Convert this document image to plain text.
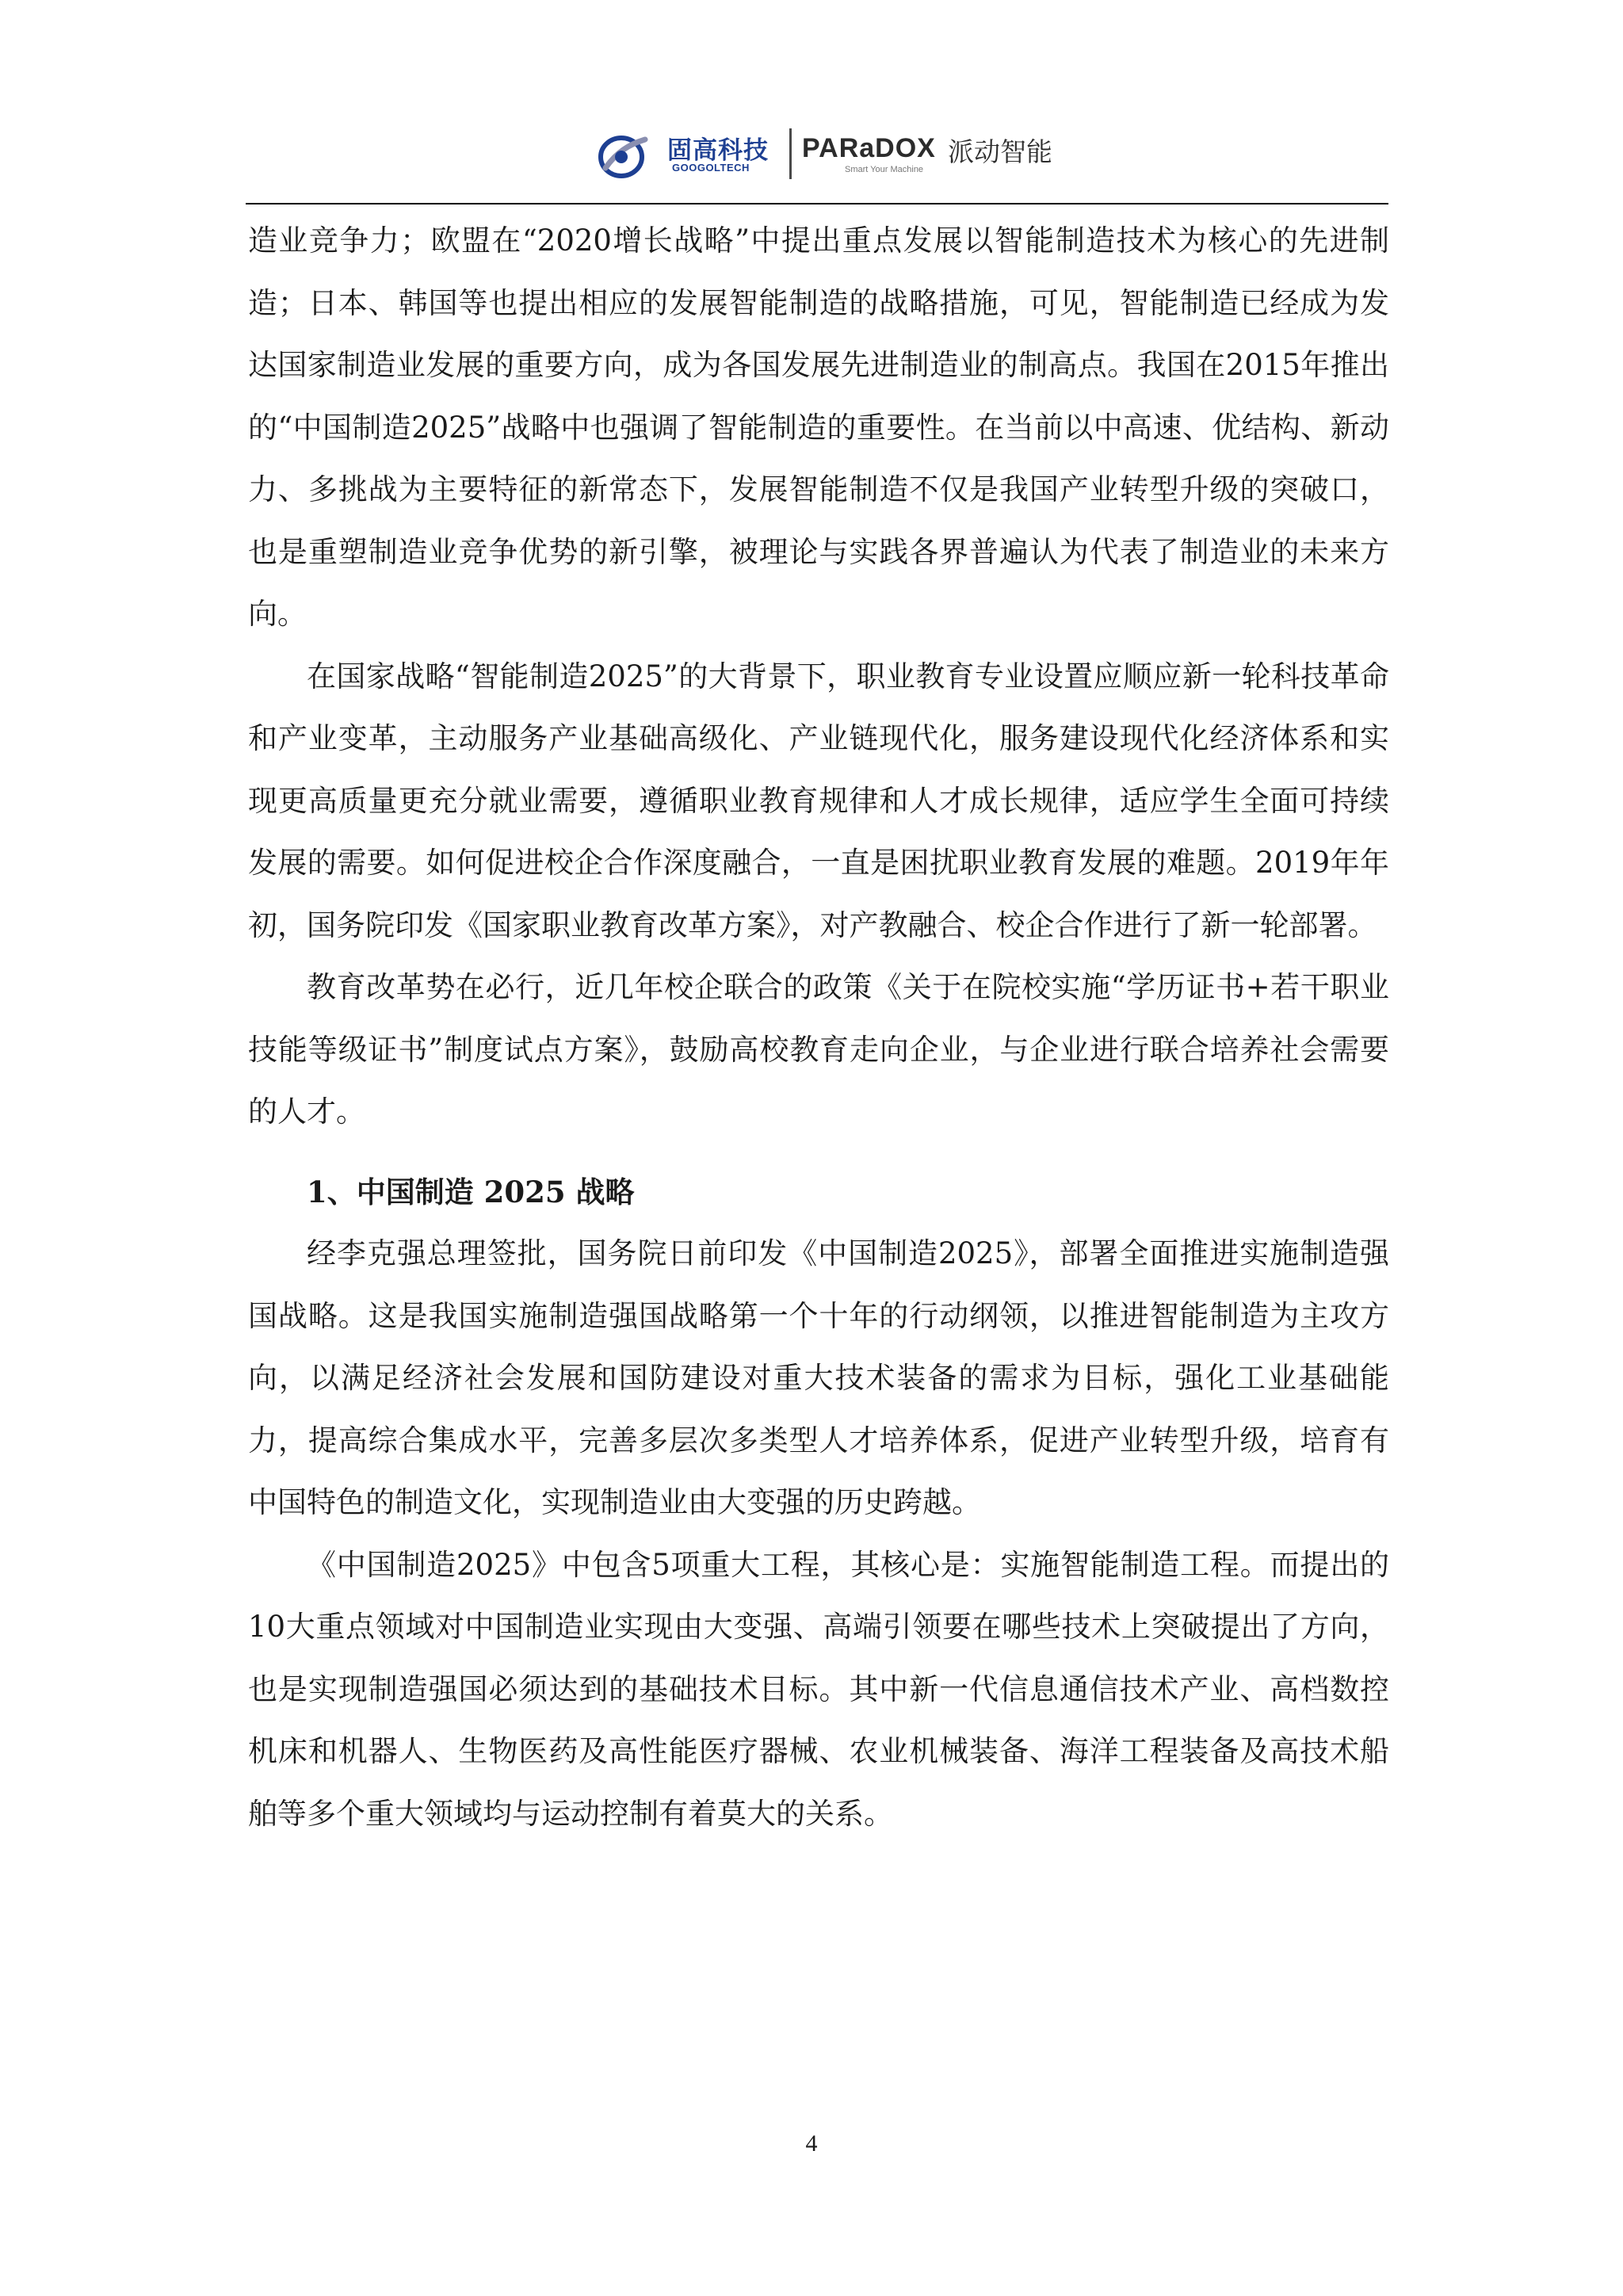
固高科技
GOOGOLTECH
PARaDOX
Smart Your Machine
派动智能

造业竞争力；欧盟在“2020增长战略”中提出重点发展以智能制造技术为核心的先进制造；日本、韩国等也提出相应的发展智能制造的战略措施，可见，智能制造已经成为发达国家制造业发展的重要方向，成为各国发展先进制造业的制高点。我国在2015年推出的“中国制造2025”战略中也强调了智能制造的重要性。在当前以中高速、优结构、新动力、多挑战为主要特征的新常态下，发展智能制造不仅是我国产业转型升级的突破口，也是重塑制造业竞争优势的新引擎，被理论与实践各界普遍认为代表了制造业的未来方向。

在国家战略“智能制造2025”的大背景下，职业教育专业设置应顺应新一轮科技革命和产业变革，主动服务产业基础高级化、产业链现代化，服务建设现代化经济体系和实现更高质量更充分就业需要，遵循职业教育规律和人才成长规律，适应学生全面可持续发展的需要。如何促进校企合作深度融合，一直是困扰职业教育发展的难题。2019年年初，国务院印发《国家职业教育改革方案》，对产教融合、校企合作进行了新一轮部署。

教育改革势在必行，近几年校企联合的政策《关于在院校实施“学历证书+若干职业技能等级证书”制度试点方案》，鼓励高校教育走向企业，与企业进行联合培养社会需要的人才。

1、中国制造 2025 战略

经李克强总理签批，国务院日前印发《中国制造2025》，部署全面推进实施制造强国战略。这是我国实施制造强国战略第一个十年的行动纲领，以推进智能制造为主攻方向，以满足经济社会发展和国防建设对重大技术装备的需求为目标，强化工业基础能力，提高综合集成水平，完善多层次多类型人才培养体系，促进产业转型升级，培育有中国特色的制造文化，实现制造业由大变强的历史跨越。

《中国制造2025》中包含5项重大工程，其核心是：实施智能制造工程。而提出的10大重点领域对中国制造业实现由大变强、高端引领要在哪些技术上突破提出了方向，也是实现制造强国必须达到的基础技术目标。其中新一代信息通信技术产业、高档数控机床和机器人、生物医药及高性能医疗器械、农业机械装备、海洋工程装备及高技术船舶等多个重大领域均与运动控制有着莫大的关系。

4
